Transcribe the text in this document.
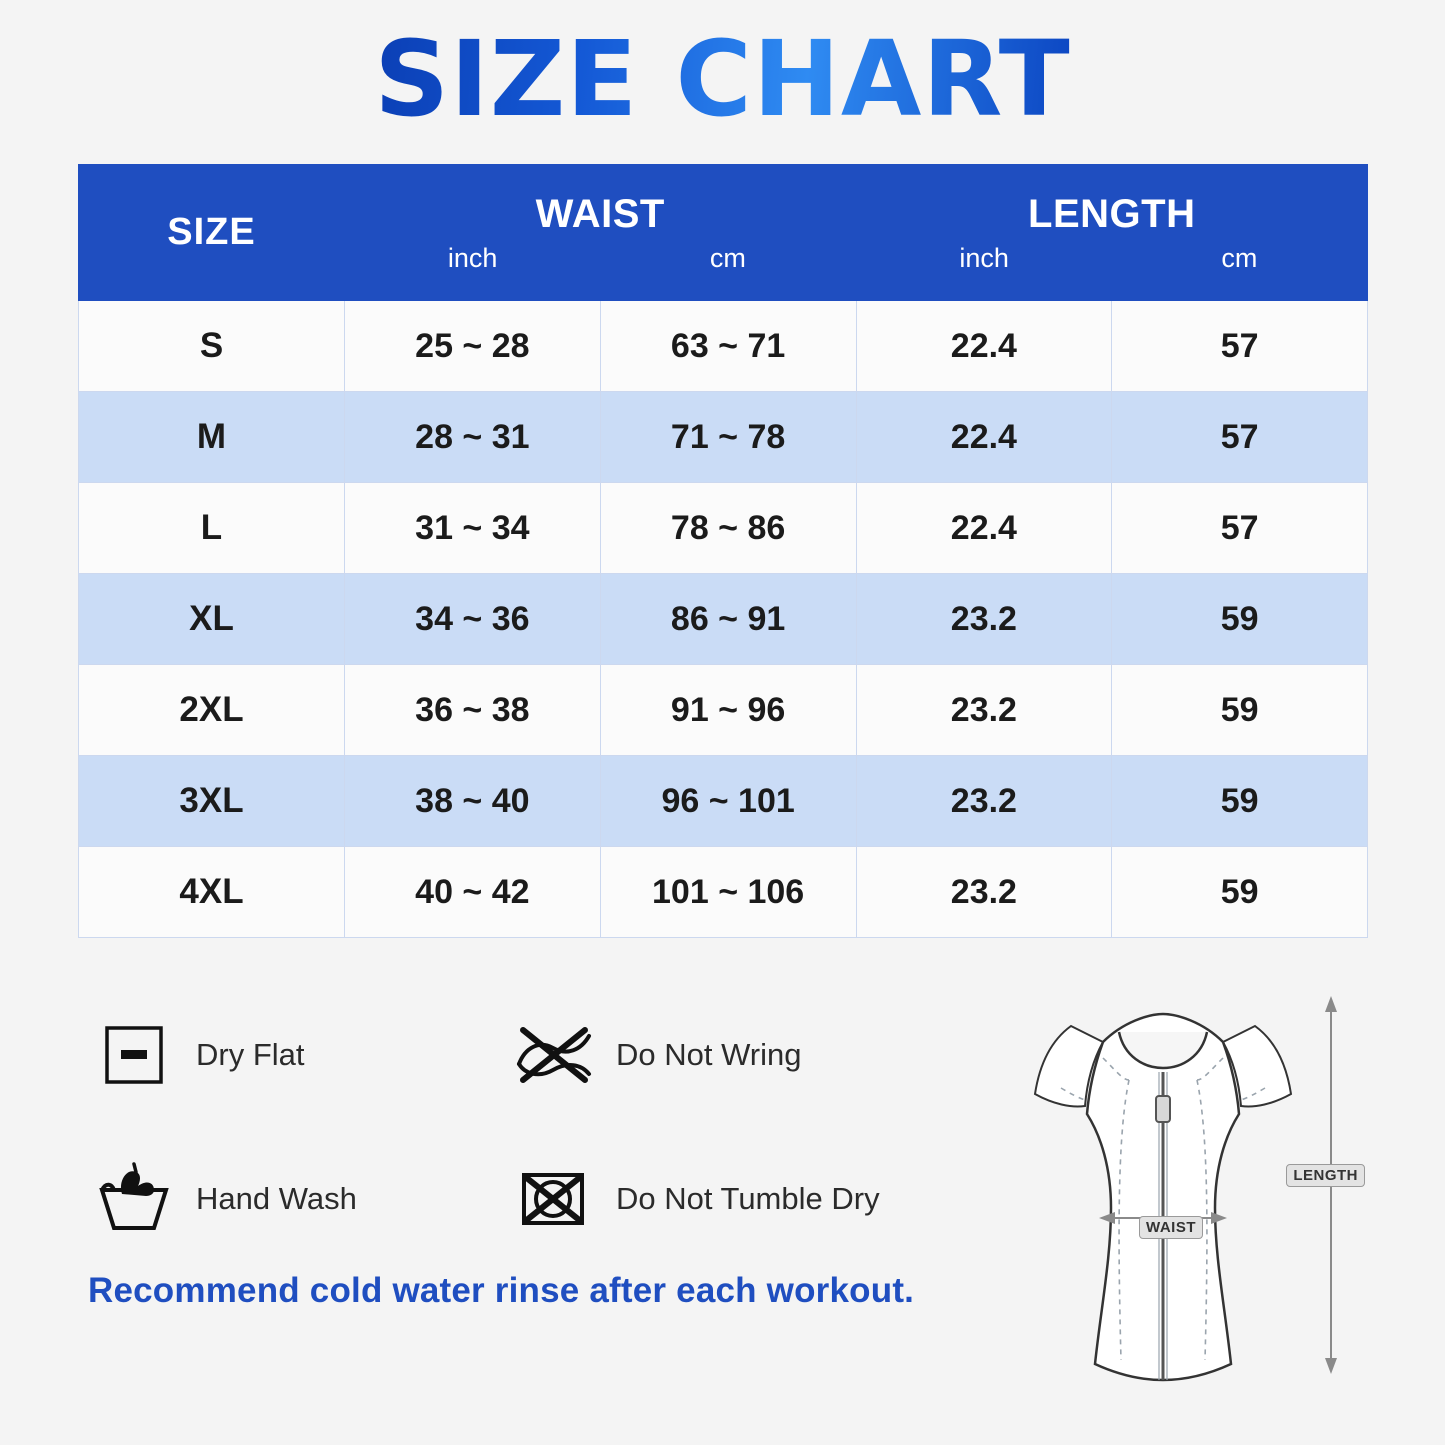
SIZE CHART
SIZE	WAIST
inch	cm

LENGTH
inch	cm

S	25 ~ 28	63 ~ 71	22.4	57
M	28 ~ 31	71 ~ 78	22.4	57
L	31 ~ 34	78 ~ 86	22.4	57
XL	34 ~ 36	86 ~ 91	23.2	59
2XL	36 ~ 38	91 ~ 96	23.2	59
3XL	38 ~ 40	96 ~ 101	23.2	59
4XL	40 ~ 42	101 ~ 106	23.2	59
Dry Flat	Do Not Wring
Hand Wash	Do Not Tumble Dry
Recommend cold water rinse after each workout.
LENGTH
WAIST
